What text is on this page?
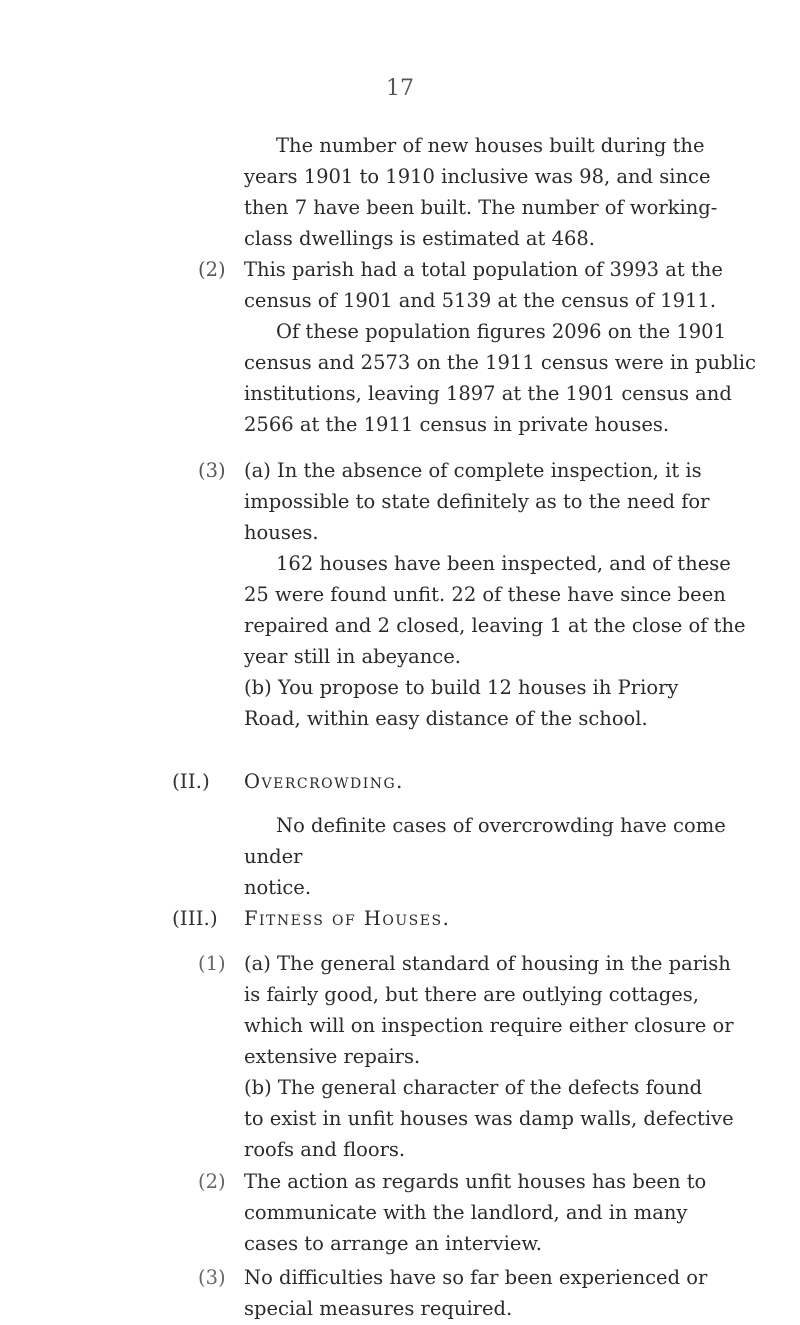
17

The number of new houses built during the

years 1901 to 1910 inclusive was 98, and since

then 7 have been built. The number of working-

class dwellings is estimated at 468.

(2) This parish had a total population of 3993 at the

census of 1901 and 5139 at the census of 1911.

Of these population figures 2096 on the 1901

census and 2573 on the 1911 census were in public

institutions, leaving 1897 at the 1901 census and

2566 at the 1911 census in private houses.

(3) (a) In the absence of complete inspection, it is

impossible to state definitely as to the need for

houses.

162 houses have been inspected, and of these

25 were found unfit. 22 of these have since been

repaired and 2 closed, leaving 1 at the close of the

year still in abeyance.

(b) You propose to build 12 houses ih Priory

Road, within easy distance of the school.

(II.) Overcrowding.

No definite cases of overcrowding have come under

notice.

(III.) Fitness of Houses.
(1) (a) The general standard of housing in the parish

is fairly good, but there are outlying cottages,

which will on inspection require either closure or

extensive repairs.

(b) The general character of the defects found

to exist in unfit houses was damp walls, defective

roofs and floors.

(2) The action as regards unfit houses has been to

communicate with the landlord, and in many

cases to arrange an interview.

(3) No difficulties have so far been experienced or

special measures required.
